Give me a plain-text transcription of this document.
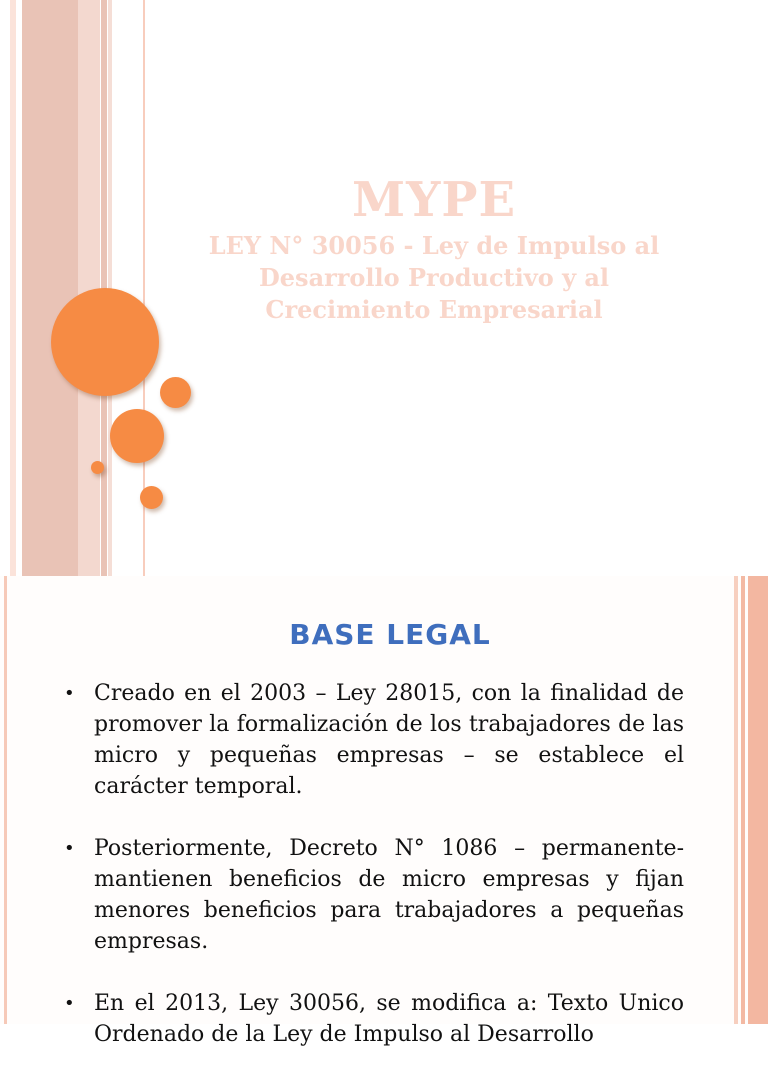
MYPE
LEY N° 30056 - Ley de Impulso al
Desarrollo Productivo y al
Crecimiento Empresarial
BASE LEGAL
• Creado en el 2003 – Ley 28015, con la finalidad de promover la formalización de los trabajadores de las micro y pequeñas empresas – se establece el carácter temporal.
• Posteriormente, Decreto N° 1086 – permanente- mantienen beneficios de micro empresas y fijan menores beneficios para trabajadores a pequeñas empresas.
• En el 2013, Ley 30056, se modifica a: Texto Unico Ordenado de la Ley de Impulso al Desarrollo
